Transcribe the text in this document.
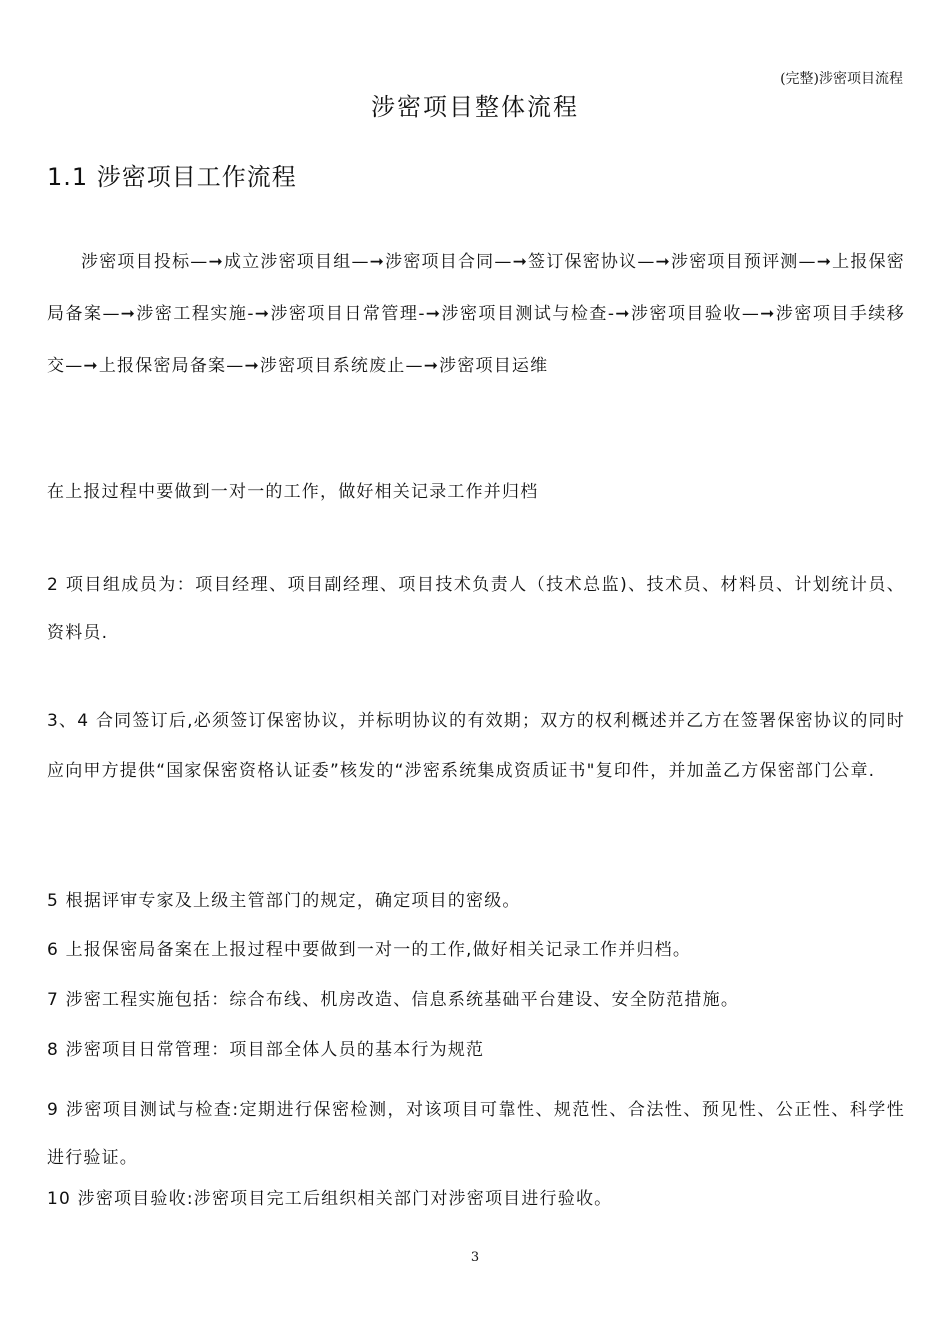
(完整)涉密项目流程
涉密项目整体流程
1.1 涉密项目工作流程

涉密项目投标—➞成立涉密项目组—➞涉密项目合同—➞签订保密协议—➞涉密项目预评测—➞上报保密局备案—➞涉密工程实施-➞涉密项目日常管理-➞涉密项目测试与检查-➞涉密项目验收—➞涉密项目手续移交—➞上报保密局备案—➞涉密项目系统废止—➞涉密项目运维

在上报过程中要做到一对一的工作，做好相关记录工作并归档

2 项目组成员为：项目经理、项目副经理、项目技术负责人（技术总监)、技术员、材料员、计划统计员、资料员.

3、4 合同签订后,必须签订保密协议，并标明协议的有效期；双方的权利概述并乙方在签署保密协议的同时应向甲方提供“国家保密资格认证委”核发的“涉密系统集成资质证书"复印件，并加盖乙方保密部门公章.

5 根据评审专家及上级主管部门的规定，确定项目的密级。

6 上报保密局备案在上报过程中要做到一对一的工作,做好相关记录工作并归档。

7 涉密工程实施包括：综合布线、机房改造、信息系统基础平台建设、安全防范措施。

8 涉密项目日常管理：项目部全体人员的基本行为规范

9 涉密项目测试与检查:定期进行保密检测，对该项目可靠性、规范性、合法性、预见性、公正性、科学性进行验证。

10 涉密项目验收:涉密项目完工后组织相关部门对涉密项目进行验收。

3
